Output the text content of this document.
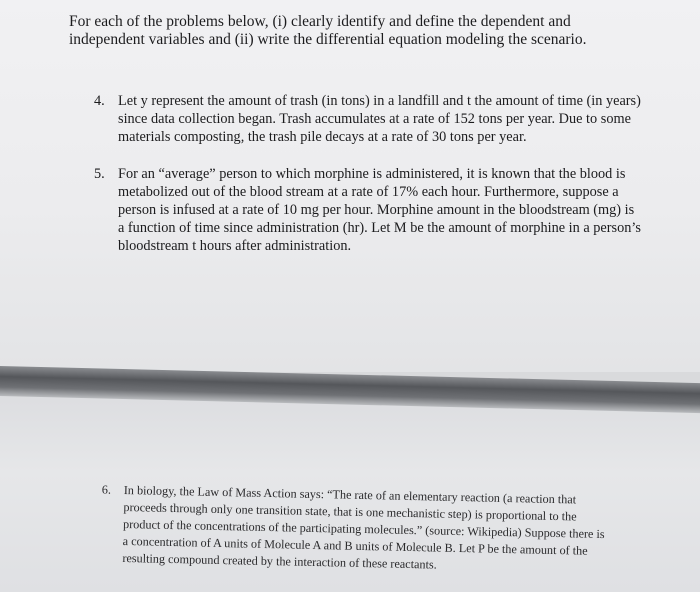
For each of the problems below, (i) clearly identify and define the dependent and independent variables and (ii) write the differential equation modeling the scenario.

4. Let y represent the amount of trash (in tons) in a landfill and t the amount of time (in years) since data collection began. Trash accumulates at a rate of 152 tons per year. Due to some materials composting, the trash pile decays at a rate of 30 tons per year.
5. For an “average” person to which morphine is administered, it is known that the blood is metabolized out of the blood stream at a rate of 17% each hour. Furthermore, suppose a person is infused at a rate of 10 mg per hour. Morphine amount in the bloodstream (mg) is a function of time since administration (hr). Let M be the amount of morphine in a person’s bloodstream t hours after administration.
6. In biology, the Law of Mass Action says: “The rate of an elementary reaction (a reaction that proceeds through only one transition state, that is one mechanistic step) is proportional to the product of the concentrations of the participating molecules.” (source: Wikipedia) Suppose there is a concentration of A units of Molecule A and B units of Molecule B. Let P be the amount of the resulting compound created by the interaction of these reactants.
